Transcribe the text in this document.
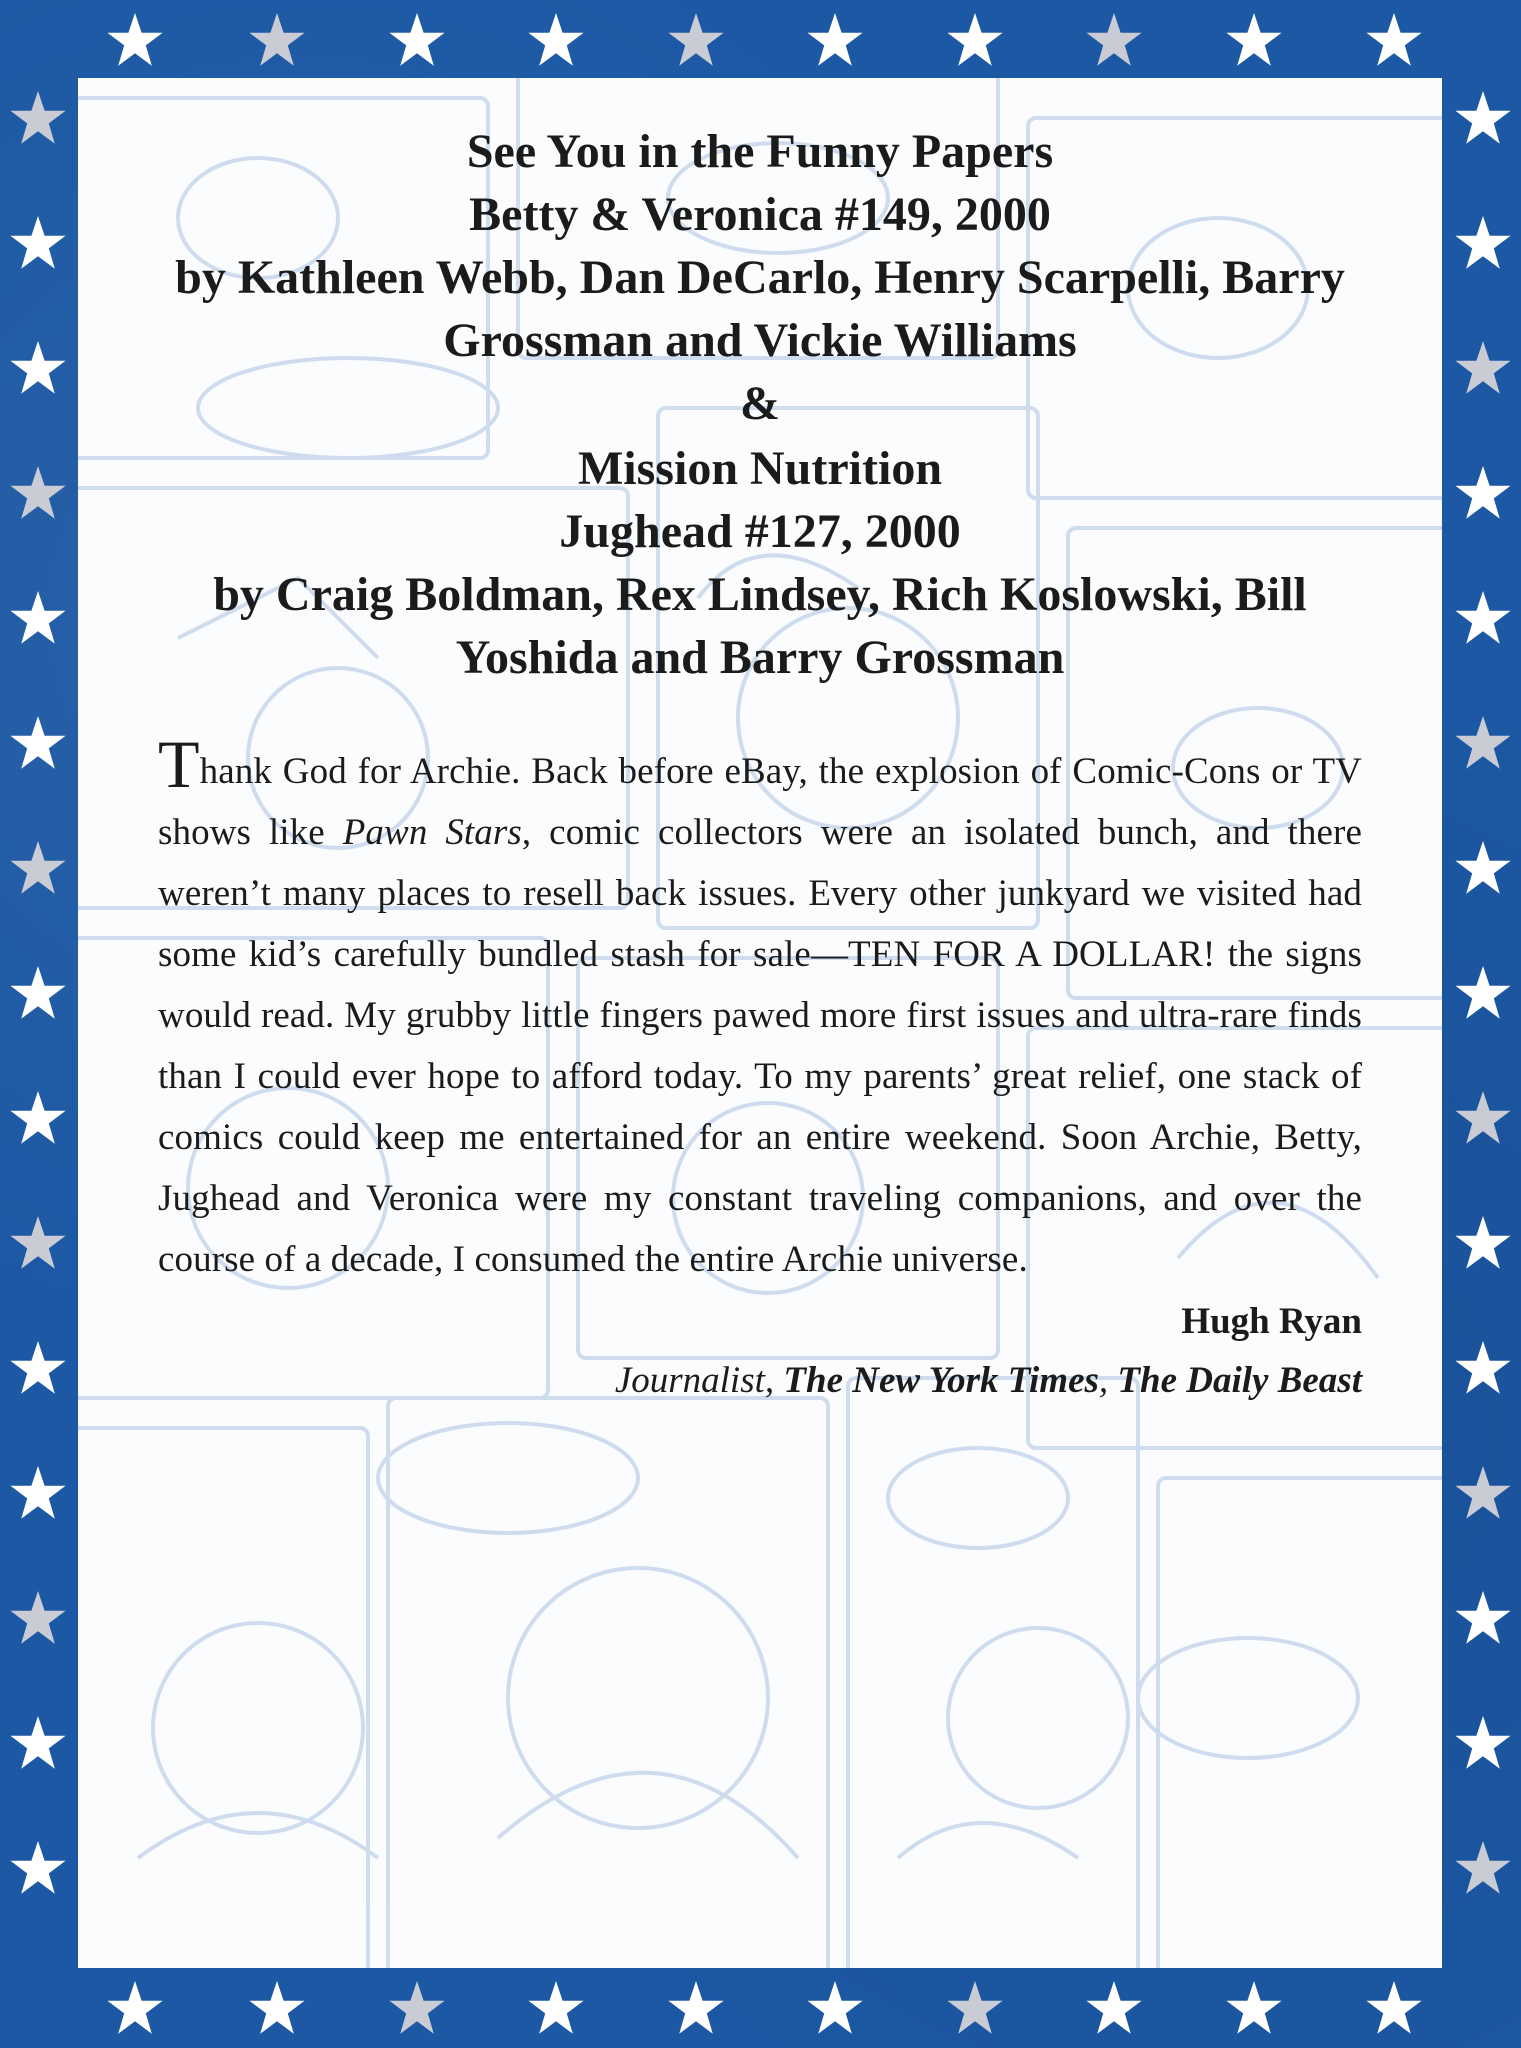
See You in the Funny Papers
Betty & Veronica #149, 2000
by Kathleen Webb, Dan DeCarlo, Henry Scarpelli, Barry
Grossman and Vickie Williams
&
Mission Nutrition
Jughead #127, 2000
by Craig Boldman, Rex Lindsey, Rich Koslowski, Bill
Yoshida and Barry Grossman
Thank God for Archie. Back before eBay, the explosion of Comic-Cons or TV shows like Pawn Stars, comic collectors were an isolated bunch, and there weren’t many places to resell back issues. Every other junkyard we visited had some kid’s carefully bundled stash for sale—TEN FOR A DOLLAR! the signs would read. My grubby little fingers pawed more first issues and ultra-rare finds than I could ever hope to afford today. To my parents’ great relief, one stack of comics could keep me entertained for an entire weekend. Soon Archie, Betty, Jughead and Veronica were my constant traveling companions, and over the course of a decade, I consumed the entire Archie universe.
Hugh Ryan
Journalist, The New York Times, The Daily Beast
